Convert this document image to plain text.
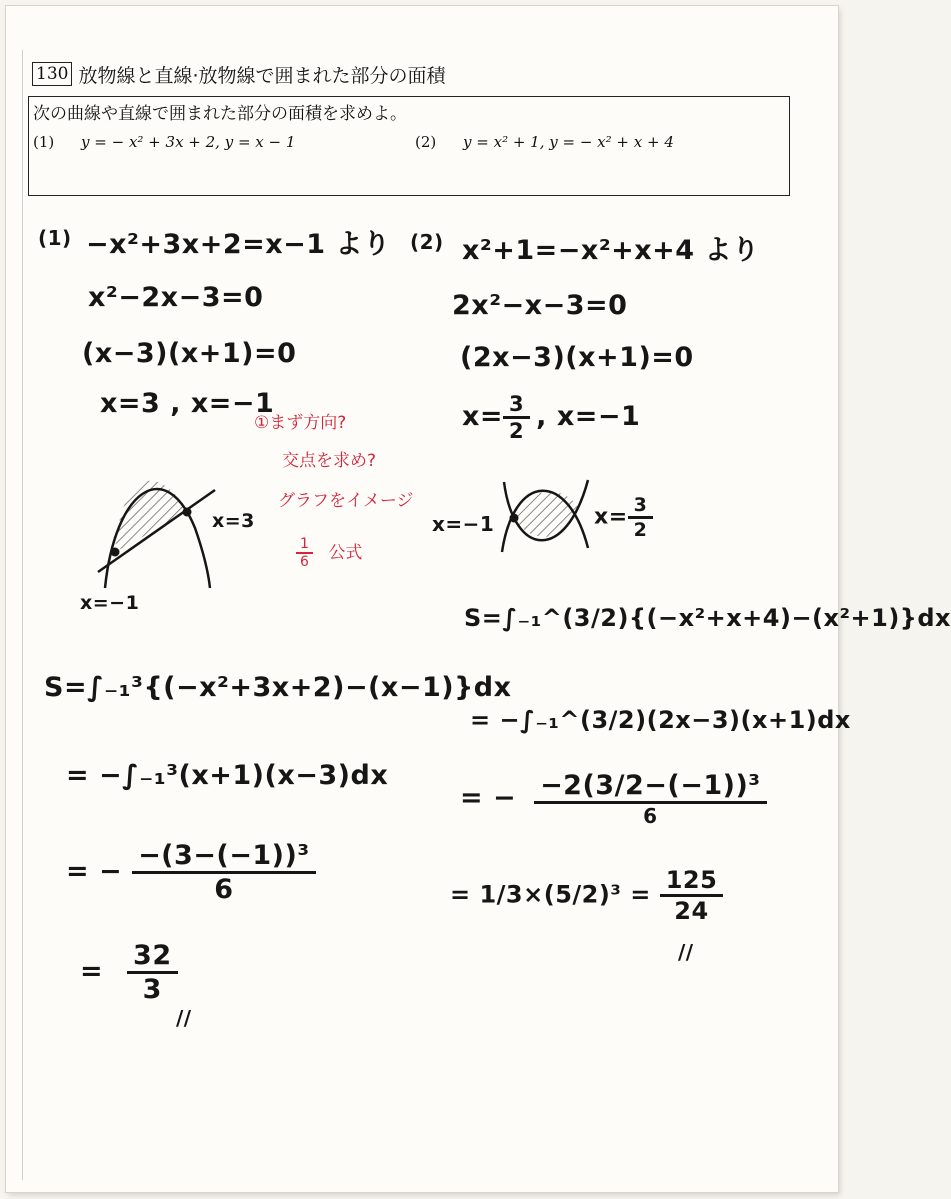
130 放物線と直線·放物線で囲まれた部分の面積
次の曲線や直線で囲まれた部分の面積を求めよ。
(1) y = − x² + 3x + 2, y = x − 1	(2) y = x² + 1, y = − x² + x + 4
(1) −x²+3x+2=x−1 より
x²−2x−3=0
(x−3)(x+1)=0
x=3 , x=−1
x=3
x=−1
①まず方向?
交点を求め?
グラフをイメージ
$\frac{1}{6}$ 公式
S=∫₋₁³{(−x²+3x+2)−(x−1)}dx
= −∫₋₁³(x+1)(x−3)dx
= − $\frac{\text{−(3−(−1))³}}{6}$
= $\frac{32}{3}$
//
(2) x²+1=−x²+x+4 より
2x²−x−3=0
(2x−3)(x+1)=0
$x= \frac{3}{2}$ , x=−1
x=−1	$x= \frac{3}{2}$
S=∫₋₁^(3/2){(−x²+x+4)−(x²+1)}dx
= −∫₋₁^(3/2)(2x−3)(x+1)dx
= − $\frac{\text{−2(3/2−(−1))³}}{6}$
= $1/3\times(5/2)^3 = \frac{125}{24}$
//
